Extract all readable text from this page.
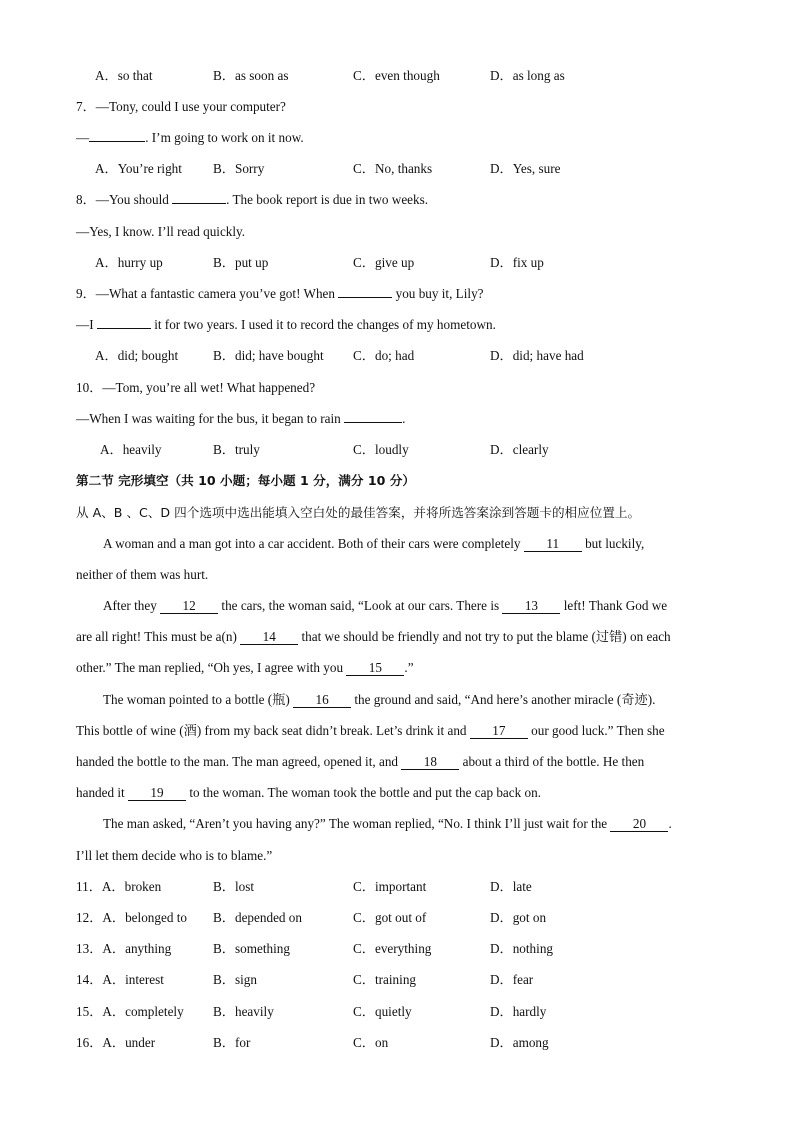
A．so that	B．as soon as	C．even though	D．as long as
7．—Tony, could I use your computer?
—	. I’m going to work on it now.
A．You’re right B．Sorry	C．No, thanks	D．Yes, sure
8．—You should	. The book report is due in two weeks.
—Yes, I know. I’ll read quickly.
A．hurry up	B．put up	C．give up	D．fix up
9．—What a fantastic camera you’ve got! When	you buy it, Lily?
—I	it for two years. I used it to record the changes of my hometown.
A．did; bought	B．did; have bought C．do; had	D．did; have had
10．—Tom, you’re all wet! What happened?
—When I was waiting for the bus, it began to rain	.
A．heavily	B．truly	C．loudly	D．clearly
第二节 完形填空（共 10 小题；每小题 1 分，满分 10 分）
从 A、B 、C、D 四个选项中选出能填入空白处的最佳答案，并将所选答案涂到答题卡的相应位置上。
A woman and a man got into a car accident. Both of their cars were completely 11 but luckily,
neither of them was hurt.
After they 12 the cars, the woman said, “Look at our cars. There is 13 left! Thank God we
are all right! This must be a(n) 14 that we should be friendly and not try to put the blame (过错) on each
other.” The man replied, “Oh yes, I agree with you 15 .”
The woman pointed to a bottle (瓶) 16 the ground and said, “And here’s another miracle (奇迹).
This bottle of wine (酒) from my back seat didn’t break. Let’s drink it and 17 our good luck.” Then she
handed the bottle to the man. The man agreed, opened it, and 18 about a third of the bottle. He then
handed it 19 to the woman. The woman took the bottle and put the cap back on.
The man asked, “Aren’t you having any?” The woman replied, “No. I think I’ll just wait for the 20 .
I’ll let them decide who is to blame.”
11．A．broken	B．lost	C．important	D．late
12．A．belonged to B．depended on	C．got out of	D．got on
13．A．anything	B．something	C．everything	D．nothing
14．A．interest	B．sign	C．training	D．fear
15．A．completely B．heavily	C．quietly	D．hardly
16．A．under	B．for	C．on	D．among
